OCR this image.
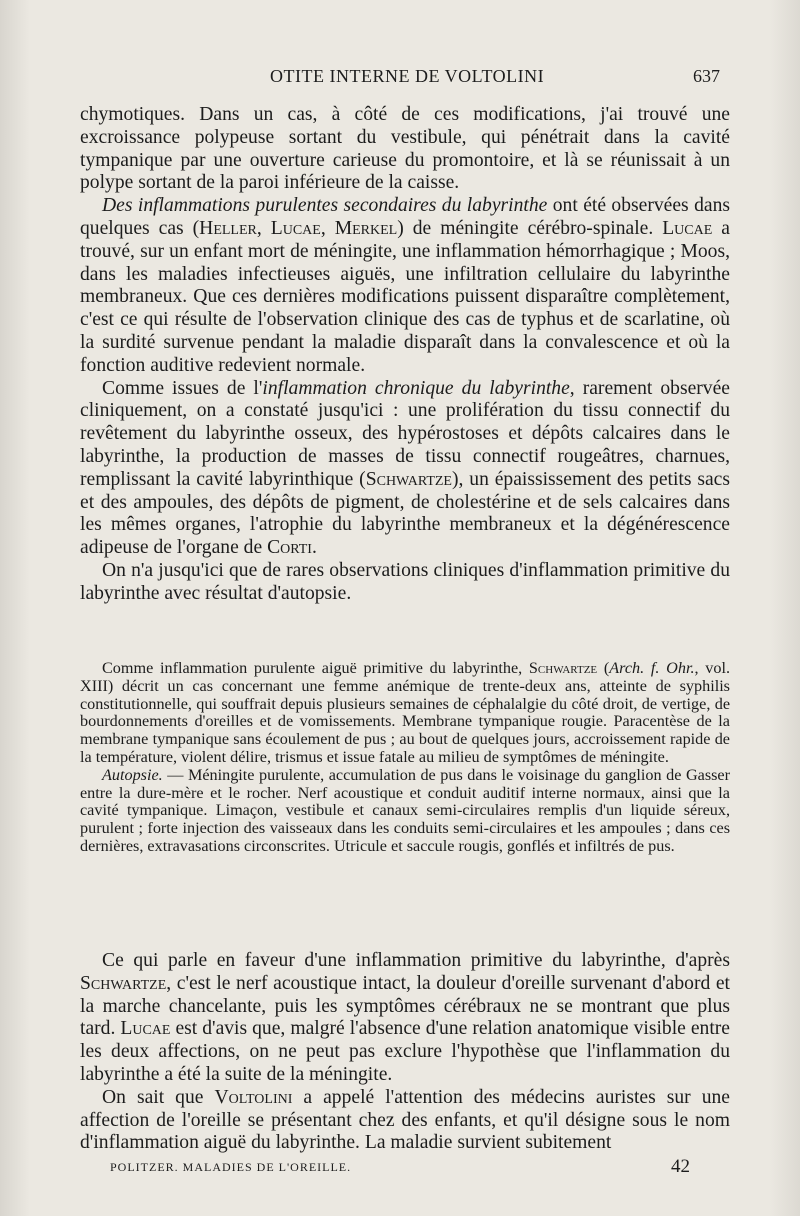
OTITE INTERNE DE VOLTOLINI	637

chymotiques. Dans un cas, à côté de ces modifications, j'ai trouvé une excroissance polypeuse sortant du vestibule, qui pénétrait dans la cavité tympanique par une ouverture carieuse du promontoire, et là se réunissait à un polype sortant de la paroi inférieure de la caisse.

Des inflammations purulentes secondaires du labyrinthe ont été observées dans quelques cas (Heller, Lucae, Merkel) de méningite cérébro-spinale. Lucae a trouvé, sur un enfant mort de méningite, une inflammation hémorrhagique ; Moos, dans les maladies infectieuses aiguës, une infiltration cellulaire du labyrinthe membraneux. Que ces dernières modifications puissent disparaître complètement, c'est ce qui résulte de l'observation clinique des cas de typhus et de scarlatine, où la surdité survenue pendant la maladie disparaît dans la convalescence et où la fonction auditive redevient normale.

Comme issues de l'inflammation chronique du labyrinthe, rarement observée cliniquement, on a constaté jusqu'ici : une prolifération du tissu connectif du revêtement du labyrinthe osseux, des hypérostoses et dépôts calcaires dans le labyrinthe, la production de masses de tissu connectif rougeâtres, charnues, remplissant la cavité labyrinthique (Schwartze), un épaississement des petits sacs et des ampoules, des dépôts de pigment, de cholestérine et de sels calcaires dans les mêmes organes, l'atrophie du labyrinthe membraneux et la dégénérescence adipeuse de l'organe de Corti.

On n'a jusqu'ici que de rares observations cliniques d'inflammation primitive du labyrinthe avec résultat d'autopsie.

Comme inflammation purulente aiguë primitive du labyrinthe, Schwartze (Arch. f. Ohr., vol. XIII) décrit un cas concernant une femme anémique de trente-deux ans, atteinte de syphilis constitutionnelle, qui souffrait depuis plusieurs semaines de céphalalgie du côté droit, de vertige, de bourdonnements d'oreilles et de vomissements. Membrane tympanique rougie. Paracentèse de la membrane tympanique sans écoulement de pus ; au bout de quelques jours, accroissement rapide de la température, violent délire, trismus et issue fatale au milieu de symptômes de méningite.

Autopsie. — Méningite purulente, accumulation de pus dans le voisinage du ganglion de Gasser entre la dure-mère et le rocher. Nerf acoustique et conduit auditif interne normaux, ainsi que la cavité tympanique. Limaçon, vestibule et canaux semi-circulaires remplis d'un liquide séreux, purulent ; forte injection des vaisseaux dans les conduits semi-circulaires et les ampoules ; dans ces dernières, extravasations circonscrites. Utricule et saccule rougis, gonflés et infiltrés de pus.

Ce qui parle en faveur d'une inflammation primitive du labyrinthe, d'après Schwartze, c'est le nerf acoustique intact, la douleur d'oreille survenant d'abord et la marche chancelante, puis les symptômes cérébraux ne se montrant que plus tard. Lucae est d'avis que, malgré l'absence d'une relation anatomique visible entre les deux affections, on ne peut pas exclure l'hypothèse que l'inflammation du labyrinthe a été la suite de la méningite.

On sait que Voltolini a appelé l'attention des médecins auristes sur une affection de l'oreille se présentant chez des enfants, et qu'il désigne sous le nom d'inflammation aiguë du labyrinthe. La maladie survient subitement

POLITZER. MALADIES DE L'OREILLE.	42
